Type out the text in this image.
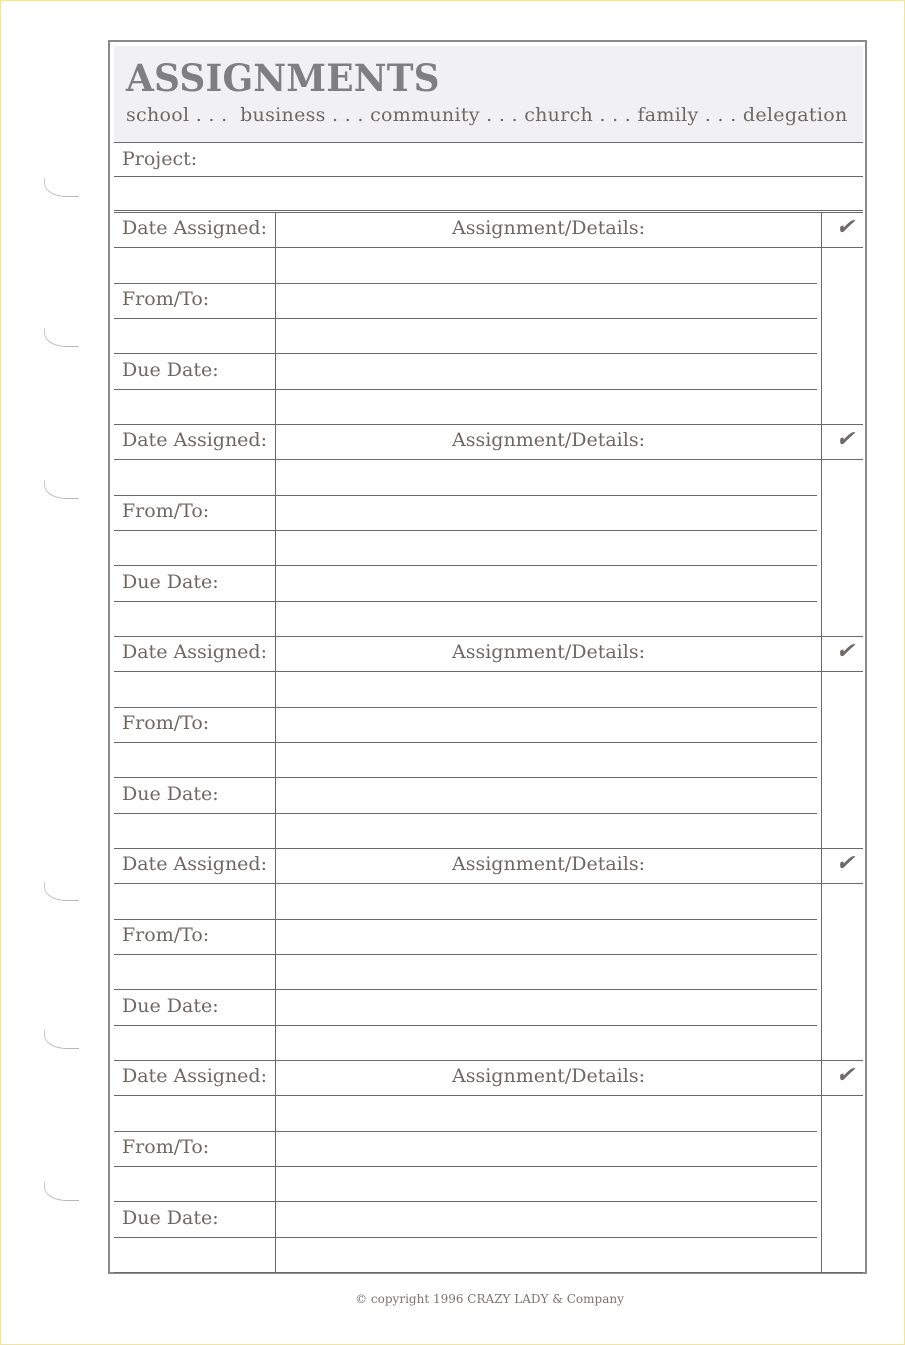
ASSIGNMENTS

school . . .  business . . . community . . . church . . . family . . . delegation

Project:
Date Assigned:	Assignment/Details:	✔
From/To:
Due Date:
Date Assigned:	Assignment/Details:	✔
From/To:
Due Date:
Date Assigned:	Assignment/Details:	✔
From/To:
Due Date:
Date Assigned:	Assignment/Details:	✔
From/To:
Due Date:
Date Assigned:	Assignment/Details:	✔
From/To:
Due Date:
© copyright 1996 CRAZY LADY & Company
